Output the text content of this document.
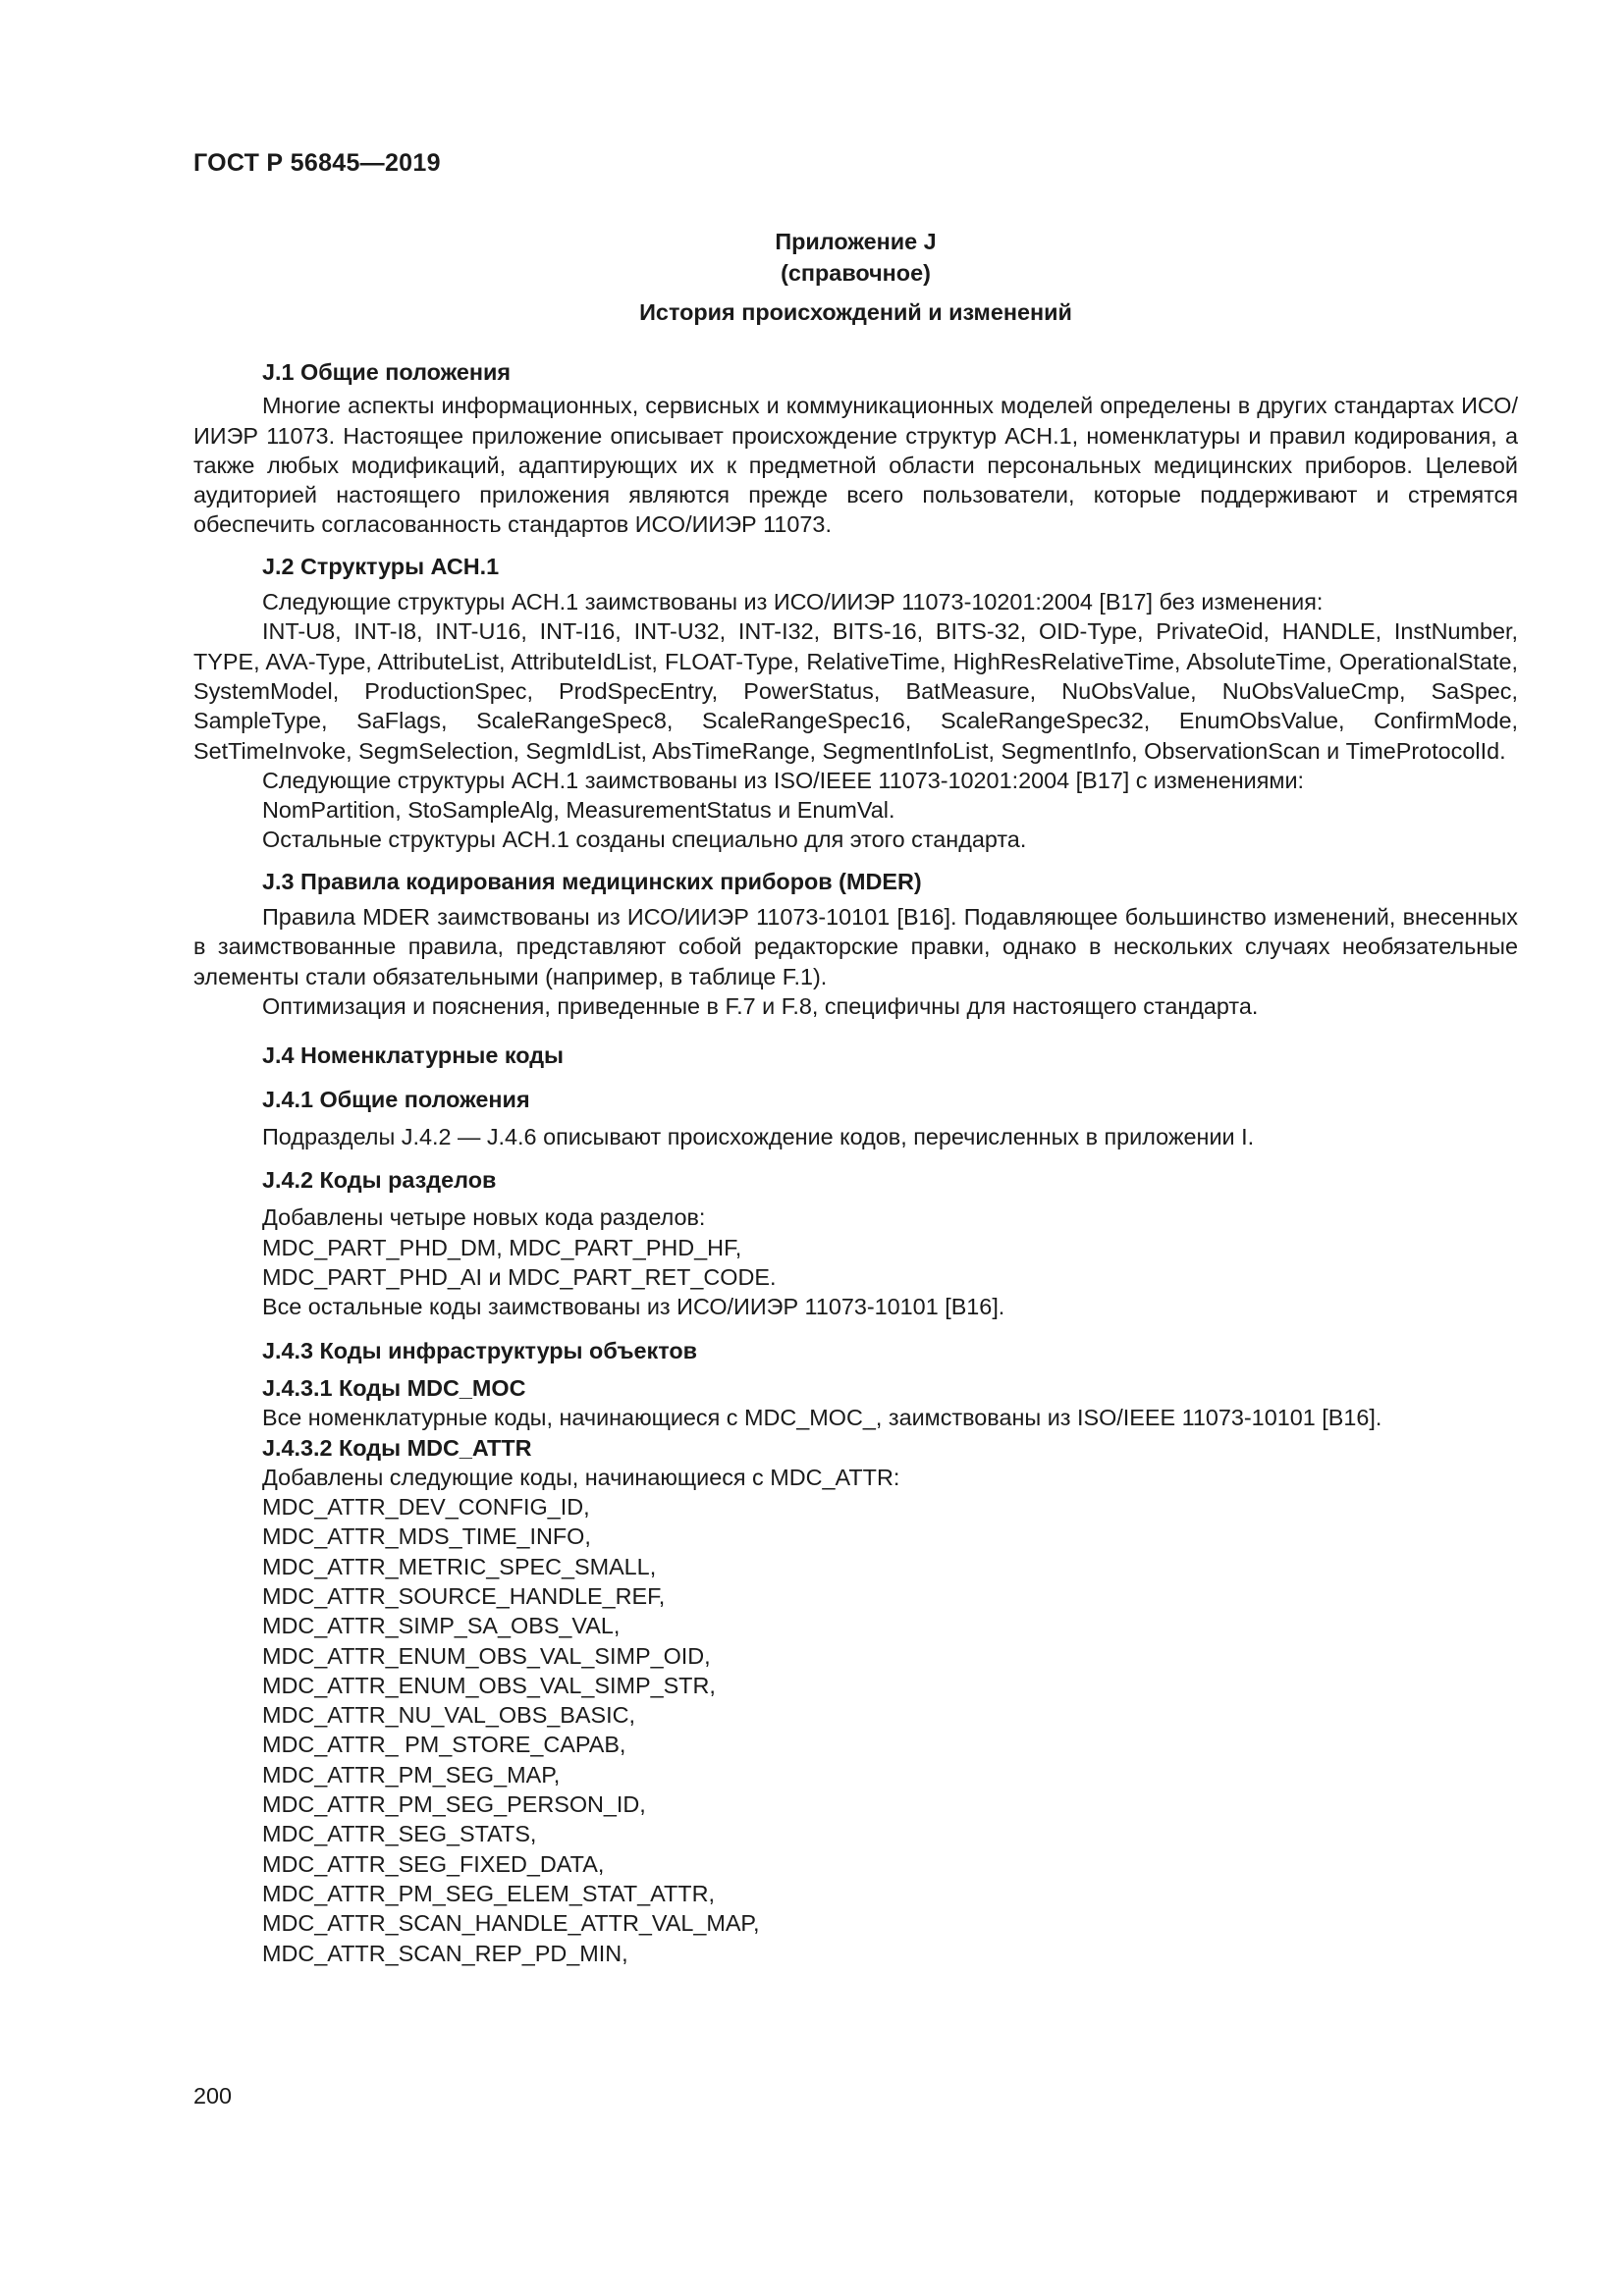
ГОСТ Р 56845—2019
Приложение J
(справочное)
История происхождений и изменений
J.1 Общие положения

Многие аспекты информационных, сервисных и коммуникационных моделей определены в других стандартах ИСО/ИИЭР 11073. Настоящее приложение описывает происхождение структур АСН.1, номенклатуры и правил кодирования, а также любых модификаций, адаптирующих их к предметной области персональных медицинских приборов. Целевой аудиторией настоящего приложения являются прежде всего пользователи, которые поддерживают и стремятся обеспечить согласованность стандартов ИСО/ИИЭР 11073.

J.2 Структуры АСН.1

Следующие структуры АСН.1 заимствованы из ИСО/ИИЭР 11073-10201:2004 [B17] без изменения:

INT-U8, INT-I8, INT-U16, INT-I16, INT-U32, INT-I32, BITS-16, BITS-32, OID-Type, PrivateOid, HANDLE, InstNumber, TYPE, AVA-Type, AttributeList, AttributeIdList, FLOAT-Type, RelativeTime, HighResRelativeTime, AbsoluteTime, OperationalState, SystemModel, ProductionSpec, ProdSpecEntry, PowerStatus, BatMeasure, NuObsValue, NuObsValueCmp, SaSpec, SampleType, SaFlags, ScaleRangeSpec8, ScaleRangeSpec16, ScaleRangeSpec32, EnumObsValue, ConfirmMode, SetTimeInvoke, SegmSelection, SegmIdList, AbsTimeRange, SegmentInfoList, SegmentInfo, ObservationScan и TimeProtocolId.

Следующие структуры АСН.1 заимствованы из ISO/IEEE 11073-10201:2004 [B17] с изменениями:

NomPartition, StoSampleAlg, MeasurementStatus и EnumVal.

Остальные структуры АСН.1 созданы специально для этого стандарта.

J.3 Правила кодирования медицинских приборов (MDER)

Правила MDER заимствованы из ИСО/ИИЭР 11073-10101 [B16]. Подавляющее большинство изменений, внесенных в заимствованные правила, представляют собой редакторские правки, однако в нескольких случаях необязательные элементы стали обязательными (например, в таблице F.1).

Оптимизация и пояснения, приведенные в F.7 и F.8, специфичны для настоящего стандарта.

J.4 Номенклатурные коды
J.4.1 Общие положения

Подразделы J.4.2 — J.4.6 описывают происхождение кодов, перечисленных в приложении I.

J.4.2 Коды разделов
Добавлены четыре новых кода разделов:
MDC_PART_PHD_DM, MDC_PART_PHD_HF,
MDC_PART_PHD_AI и MDC_PART_RET_CODE.
Все остальные коды заимствованы из ИСО/ИИЭР 11073-10101 [B16].
J.4.3 Коды инфраструктуры объектов
J.4.3.1 Коды MDC_MOC

Все номенклатурные коды, начинающиеся с MDC_MOC_, заимствованы из ISO/IEEE 11073-10101 [B16].

J.4.3.2 Коды MDC_ATTR

Добавлены следующие коды, начинающиеся с MDC_ATTR:

MDC_ATTR_DEV_CONFIG_ID,
MDC_ATTR_MDS_TIME_INFO,
MDC_ATTR_METRIC_SPEC_SMALL,
MDC_ATTR_SOURCE_HANDLE_REF,
MDC_ATTR_SIMP_SA_OBS_VAL,
MDC_ATTR_ENUM_OBS_VAL_SIMP_OID,
MDC_ATTR_ENUM_OBS_VAL_SIMP_STR,
MDC_ATTR_NU_VAL_OBS_BASIC,
MDC_ATTR_ PM_STORE_CAPAB,
MDC_ATTR_PM_SEG_MAP,
MDC_ATTR_PM_SEG_PERSON_ID,
MDC_ATTR_SEG_STATS,
MDC_ATTR_SEG_FIXED_DATA,
MDC_ATTR_PM_SEG_ELEM_STAT_ATTR,
MDC_ATTR_SCAN_HANDLE_ATTR_VAL_MAP,
MDC_ATTR_SCAN_REP_PD_MIN,
200
